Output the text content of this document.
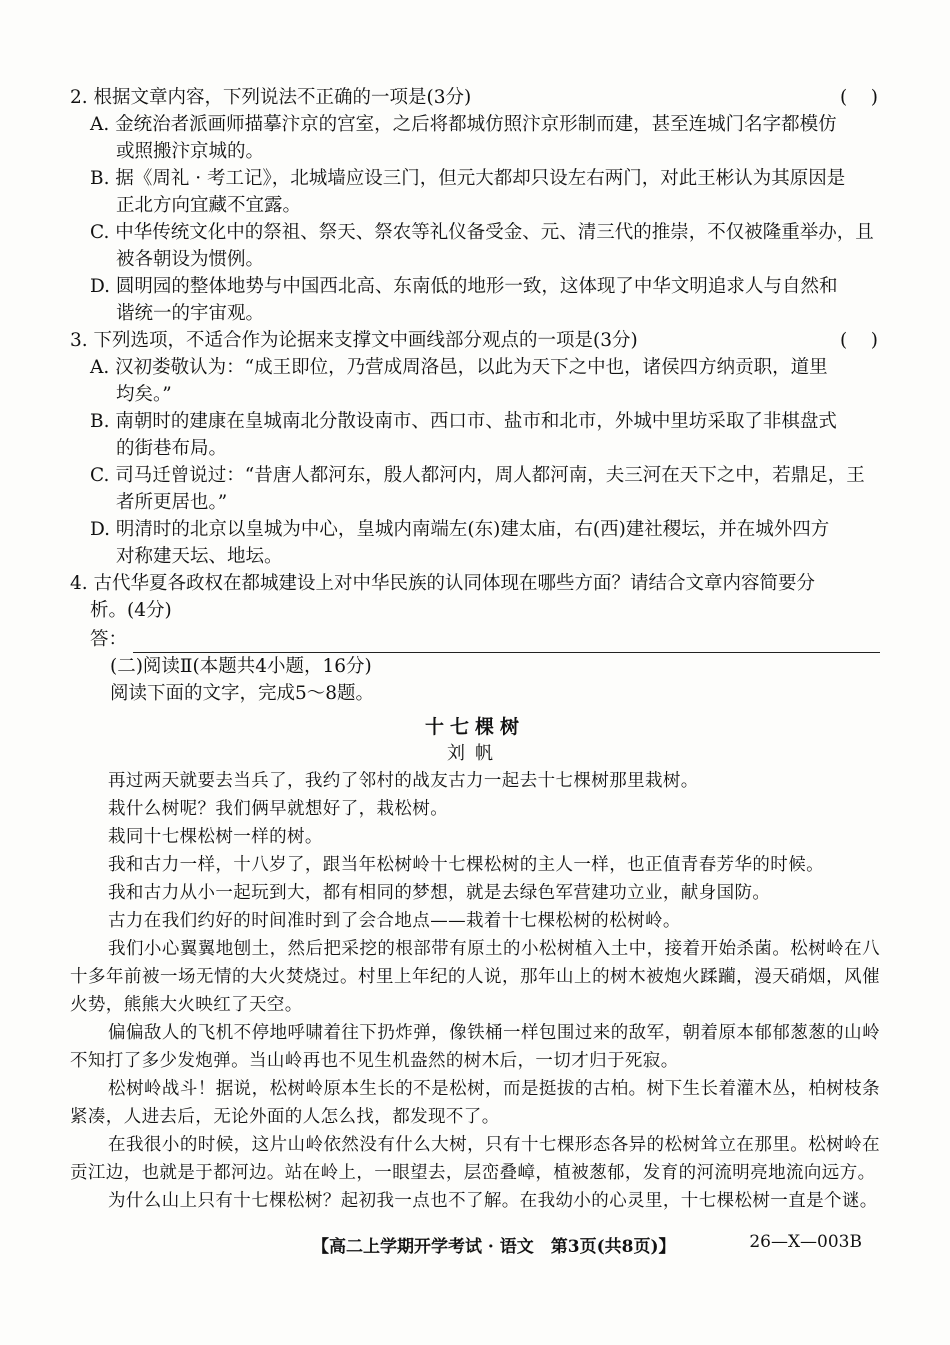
2. 根据文章内容，下列说法不正确的一项是(3分)	(    )
A. 金统治者派画师描摹汴京的宫室，之后将都城仿照汴京形制而建，甚至连城门名字都模仿
或照搬汴京城的。
B. 据《周礼 · 考工记》，北城墙应设三门，但元大都却只设左右两门，对此王彬认为其原因是
正北方向宜藏不宜露。
C. 中华传统文化中的祭祖、祭天、祭农等礼仪备受金、元、清三代的推崇，不仅被隆重举办，且
被各朝设为惯例。
D. 圆明园的整体地势与中国西北高、东南低的地形一致，这体现了中华文明追求人与自然和
谐统一的宇宙观。
3. 下列选项，不适合作为论据来支撑文中画线部分观点的一项是(3分)	(    )
A. 汉初娄敬认为：“成王即位，乃营成周洛邑，以此为天下之中也，诸侯四方纳贡职，道里
均矣。”
B. 南朝时的建康在皇城南北分散设南市、西口市、盐市和北市，外城中里坊采取了非棋盘式
的街巷布局。
C. 司马迁曾说过：“昔唐人都河东，殷人都河内，周人都河南，夫三河在天下之中，若鼎足，王
者所更居也。”
D. 明清时的北京以皇城为中心，皇城内南端左(东)建太庙，右(西)建社稷坛，并在城外四方
对称建天坛、地坛。
4. 古代华夏各政权在都城建设上对中华民族的认同体现在哪些方面？请结合文章内容简要分
析。(4分)
答：
(二)阅读Ⅱ(本题共4小题，16分)
阅读下面的文字，完成5～8题。
十七棵树
刘帆
再过两天就要去当兵了，我约了邻村的战友古力一起去十七棵树那里栽树。
栽什么树呢？我们俩早就想好了，栽松树。
栽同十七棵松树一样的树。
我和古力一样，十八岁了，跟当年松树岭十七棵松树的主人一样，也正值青春芳华的时候。
我和古力从小一起玩到大，都有相同的梦想，就是去绿色军营建功立业，献身国防。
古力在我们约好的时间准时到了会合地点——栽着十七棵松树的松树岭。
我们小心翼翼地刨土，然后把采挖的根部带有原土的小松树植入土中，接着开始杀菌。松树岭在八十多年前被一场无情的大火焚烧过。村里上年纪的人说，那年山上的树木被炮火蹂躏，漫天硝烟，风催火势，熊熊大火映红了天空。
偏偏敌人的飞机不停地呼啸着往下扔炸弹，像铁桶一样包围过来的敌军，朝着原本郁郁葱葱的山岭不知打了多少发炮弹。当山岭再也不见生机盎然的树木后，一切才归于死寂。
松树岭战斗！据说，松树岭原本生长的不是松树，而是挺拔的古柏。树下生长着灌木丛，柏树枝条紧凑，人进去后，无论外面的人怎么找，都发现不了。
在我很小的时候，这片山岭依然没有什么大树，只有十七棵形态各异的松树耸立在那里。松树岭在贡江边，也就是于都河边。站在岭上，一眼望去，层峦叠嶂，植被葱郁，发育的河流明亮地流向远方。
为什么山上只有十七棵松树？起初我一点也不了解。在我幼小的心灵里，十七棵松树一直是个谜。
【高二上学期开学考试 · 语文　第3页(共8页)】	26—X—003B
